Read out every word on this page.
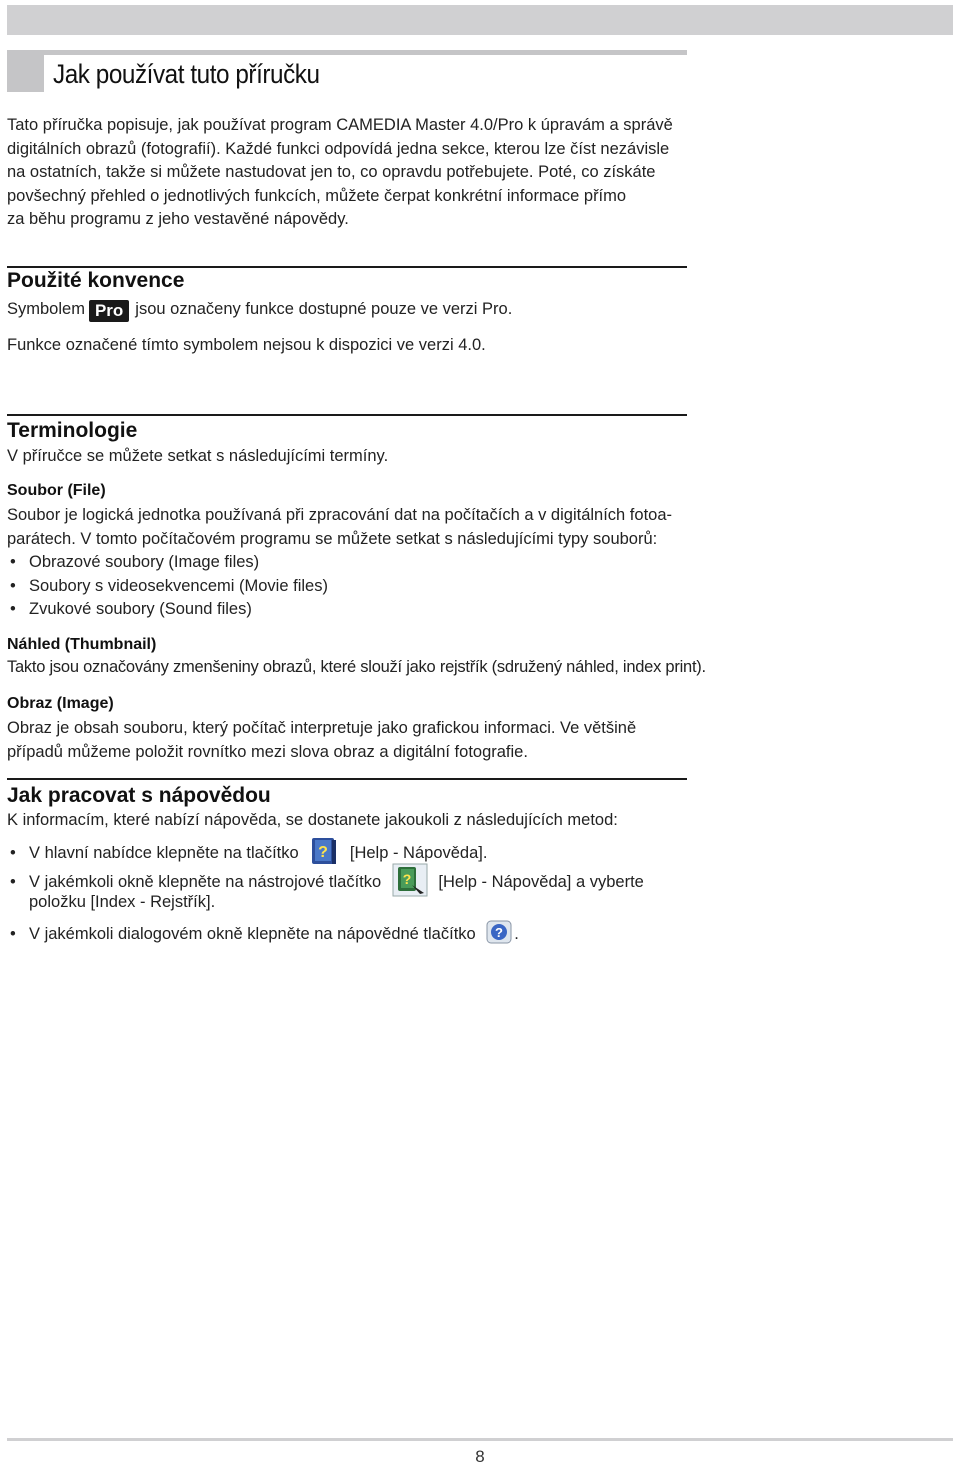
Jak používat tuto příručku

Tato příručka popisuje, jak používat program CAMEDIA Master 4.0/Pro k úpravám a správě

digitálních obrazů (fotografií). Každé funkci odpovídá jedna sekce, kterou lze číst nezávisle

na ostatních, takže si můžete nastudovat jen to, co opravdu potřebujete. Poté, co získáte

povšechný přehled o jednotlivých funkcích, můžete čerpat konkrétní informace přímo

za běhu programu z jeho vestavěné nápovědy.

Použité konvence
Symbolem Pro jsou označeny funkce dostupné pouze ve verzi Pro.
Funkce označené tímto symbolem nejsou k dispozici ve verzi 4.0.
Terminologie
V příručce se můžete setkat s následujícími termíny.
Soubor (File)

Soubor je logická jednotka používaná při zpracování dat na počítačích a v digitálních fotoa-

parátech. V tomto počítačovém programu se můžete setkat s následujícími typy souborů:

• Obrazové soubory (Image files)
• Soubory s videosekvencemi (Movie files)
• Zvukové soubory (Sound files)
Náhled (Thumbnail)
Takto jsou označovány zmenšeniny obrazů, které slouží jako rejstřík (sdružený náhled, index print).
Obraz (Image)

Obraz je obsah souboru, který počítač interpretuje jako grafickou informaci. Ve většině

případů můžeme položit rovnítko mezi slova obraz a digitální fotografie.

Jak pracovat s nápovědou
K informacím, které nabízí nápověda, se dostanete jakoukoli z následujících metod:
• V hlavní nabídce klepněte na tlačítko ? [Help - Nápověda].
• V jakémkoli okně klepněte na nástrojové tlačítko ? [Help - Nápověda] a vyberte
položku [Index - Rejstřík].
• V jakémkoli dialogovém okně klepněte na nápovědné tlačítko ? .
8
